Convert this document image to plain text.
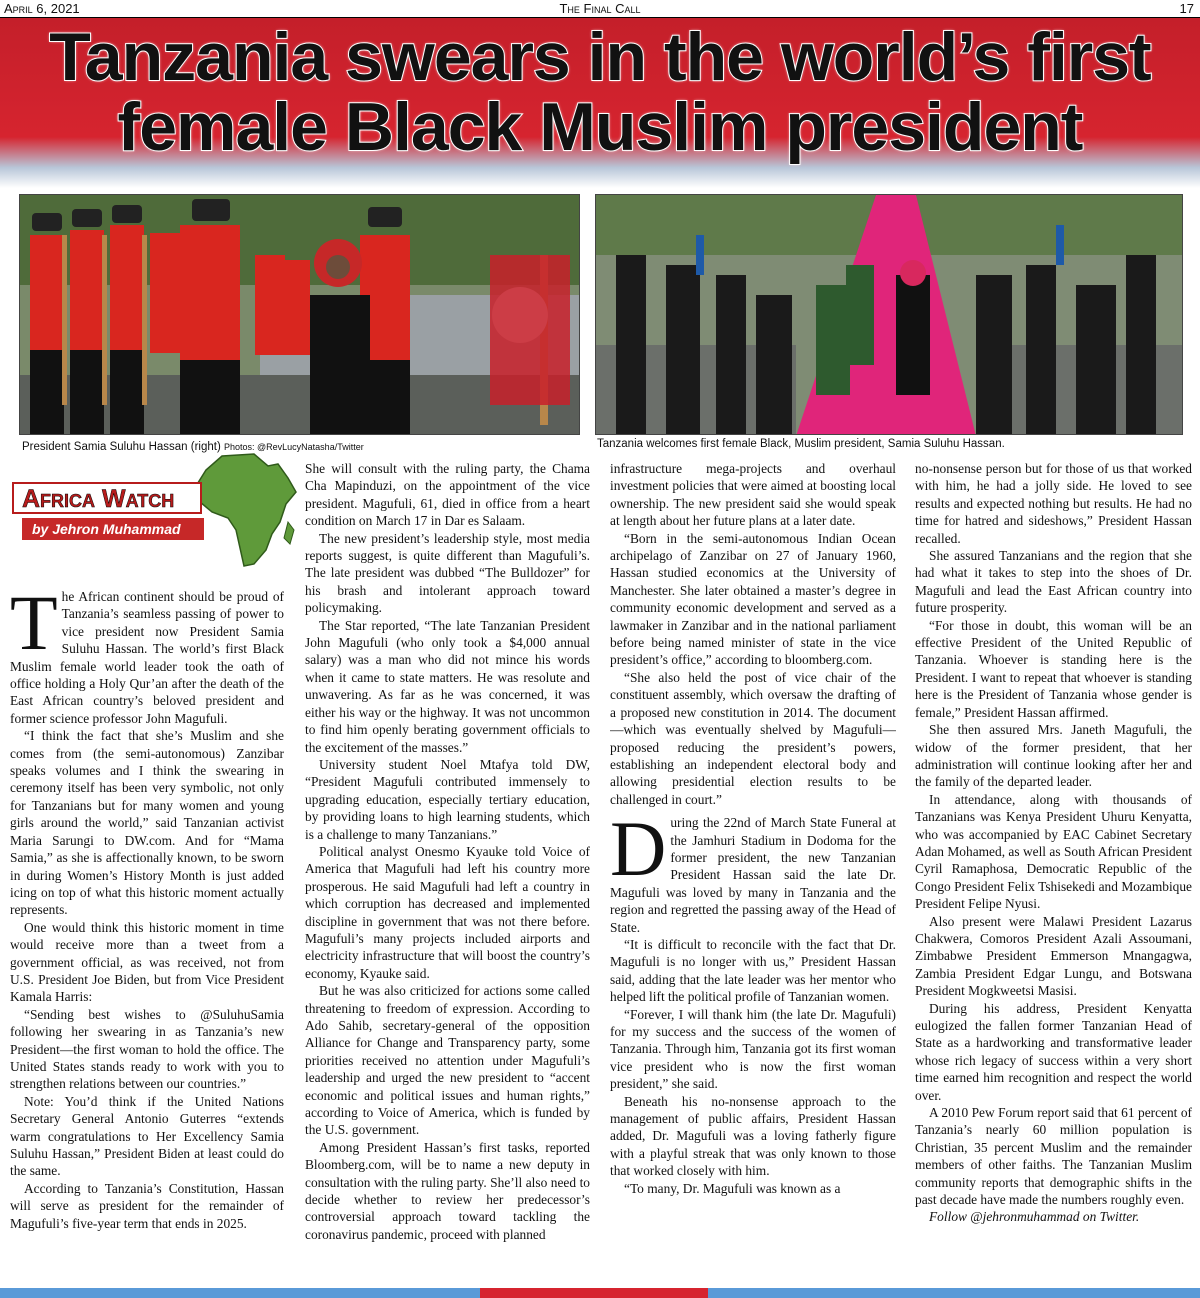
April 6, 2021	The Final Call	17
Tanzania swears in the world’s first
female Black Muslim president
President Samia Suluhu Hassan (right) Photos: @RevLucyNatasha/Twitter	Tanzania welcomes first female Black, Muslim president, Samia Suluhu Hassan.
Africa Watch
by Jehron Muhammad

The African continent should be proud of Tanzania’s seamless passing of power to vice president now President Samia Suluhu Hassan. The world’s first Black Muslim female world leader took the oath of office holding a Holy Qur’an after the death of the East African country’s beloved president and former science professor John Magufuli.

“I think the fact that she’s Muslim and she comes from (the semi-autonomous) Zanzibar speaks volumes and I think the swearing in ceremony itself has been very symbolic, not only for Tanzanians but for many women and young girls around the world,” said Tanzanian activist Maria Sarungi to DW.com. And for “Mama Samia,” as she is affectionally known, to be sworn in during Women’s History Month is just added icing on top of what this historic moment actually represents.

One would think this historic moment in time would receive more than a tweet from a government official, as was received, not from U.S. President Joe Biden, but from Vice President Kamala Harris:

“Sending best wishes to @SuluhuSamia following her swearing in as Tanzania’s new President—the first woman to hold the office. The United States stands ready to work with you to strengthen relations between our countries.”

Note: You’d think if the United Nations Secretary General Antonio Guterres “extends warm congratulations to Her Excellency Samia Suluhu Hassan,” President Biden at least could do the same.

According to Tanzania’s Constitution, Hassan will serve as president for the remainder of Magufuli’s five-year term that ends in 2025.

She will consult with the ruling party, the Chama Cha Mapinduzi, on the appointment of the vice president. Magufuli, 61, died in office from a heart condition on March 17 in Dar es Salaam.

The new president’s leadership style, most media reports suggest, is quite different than Magufuli’s. The late president was dubbed “The Bulldozer” for his brash and intolerant approach toward policymaking.

The Star reported, “The late Tanzanian President John Magufuli (who only took a $4,000 annual salary) was a man who did not mince his words when it came to state matters. He was resolute and unwavering. As far as he was concerned, it was either his way or the highway. It was not uncommon to find him openly berating government officials to the excitement of the masses.”

University student Noel Mtafya told DW, “President Magufuli contributed immensely to upgrading education, especially tertiary education, by providing loans to high learning students, which is a challenge to many Tanzanians.”

Political analyst Onesmo Kyauke told Voice of America that Magufuli had left his country more prosperous. He said Magufuli had left a country in which corruption has decreased and implemented discipline in government that was not there before. Magufuli’s many projects included airports and electricity infrastructure that will boost the country’s economy, Kyauke said.

But he was also criticized for actions some called threatening to freedom of expression. According to Ado Sahib, secretary-general of the opposition Alliance for Change and Transparency party, some priorities received no attention under Magufuli’s leadership and urged the new president to “accent economic and political issues and human rights,” according to Voice of America, which is funded by the U.S. government.

Among President Hassan’s first tasks, reported Bloomberg.com, will be to name a new deputy in consultation with the ruling party. She’ll also need to decide whether to review her predecessor’s controversial approach toward tackling the coronavirus pandemic, proceed with planned

infrastructure mega-projects and overhaul investment policies that were aimed at boosting local ownership. The new president said she would speak at length about her future plans at a later date.

“Born in the semi-autonomous Indian Ocean archipelago of Zanzibar on 27 of January 1960, Hassan studied economics at the University of Manchester. She later obtained a master’s degree in community economic development and served as a lawmaker in Zanzibar and in the national parliament before being named minister of state in the vice president’s office,” according to bloomberg.com.

“She also held the post of vice chair of the constituent assembly, which oversaw the drafting of a proposed new constitution in 2014. The document—which was eventually shelved by Magufuli—proposed reducing the president’s powers, establishing an independent electoral body and allowing presidential election results to be challenged in court.”

During the 22nd of March State Funeral at the Jamhuri Stadium in Dodoma for the former president, the new Tanzanian President Hassan said the late Dr. Magufuli was loved by many in Tanzania and the region and regretted the passing away of the Head of State.

“It is difficult to reconcile with the fact that Dr. Magufuli is no longer with us,” President Hassan said, adding that the late leader was her mentor who helped lift the political profile of Tanzanian women.

“Forever, I will thank him (the late Dr. Magufuli) for my success and the success of the women of Tanzania. Through him, Tanzania got its first woman vice president who is now the first woman president,” she said.

Beneath his no-nonsense approach to the management of public affairs, President Hassan added, Dr. Magufuli was a loving fatherly figure with a playful streak that was only known to those that worked closely with him.

“To many, Dr. Magufuli was known as a

no-nonsense person but for those of us that worked with him, he had a jolly side. He loved to see results and expected nothing but results. He had no time for hatred and sideshows,” President Hassan recalled.

She assured Tanzanians and the region that she had what it takes to step into the shoes of Dr. Magufuli and lead the East African country into future prosperity.

“For those in doubt, this woman will be an effective President of the United Republic of Tanzania. Whoever is standing here is the President. I want to repeat that whoever is standing here is the President of Tanzania whose gender is female,” President Hassan affirmed.

She then assured Mrs. Janeth Magufuli, the widow of the former president, that her administration will continue looking after her and the family of the departed leader.

In attendance, along with thousands of Tanzanians was Kenya President Uhuru Kenyatta, who was accompanied by EAC Cabinet Secretary Adan Mohamed, as well as South African President Cyril Ramaphosa, Democratic Republic of the Congo President Felix Tshisekedi and Mozambique President Felipe Nyusi.

Also present were Malawi President Lazarus Chakwera, Comoros President Azali Assoumani, Zimbabwe President Emmerson Mnangagwa, Zambia President Edgar Lungu, and Botswana President Mogkweetsi Masisi.

During his address, President Kenyatta eulogized the fallen former Tanzanian Head of State as a hardworking and transformative leader whose rich legacy of success within a very short time earned him recognition and respect the world over.

A 2010 Pew Forum report said that 61 percent of Tanzania’s nearly 60 million population is Christian, 35 percent Muslim and the remainder members of other faiths. The Tanzanian Muslim community reports that demographic shifts in the past decade have made the numbers roughly even.

Follow @jehronmuhammad on Twitter.
